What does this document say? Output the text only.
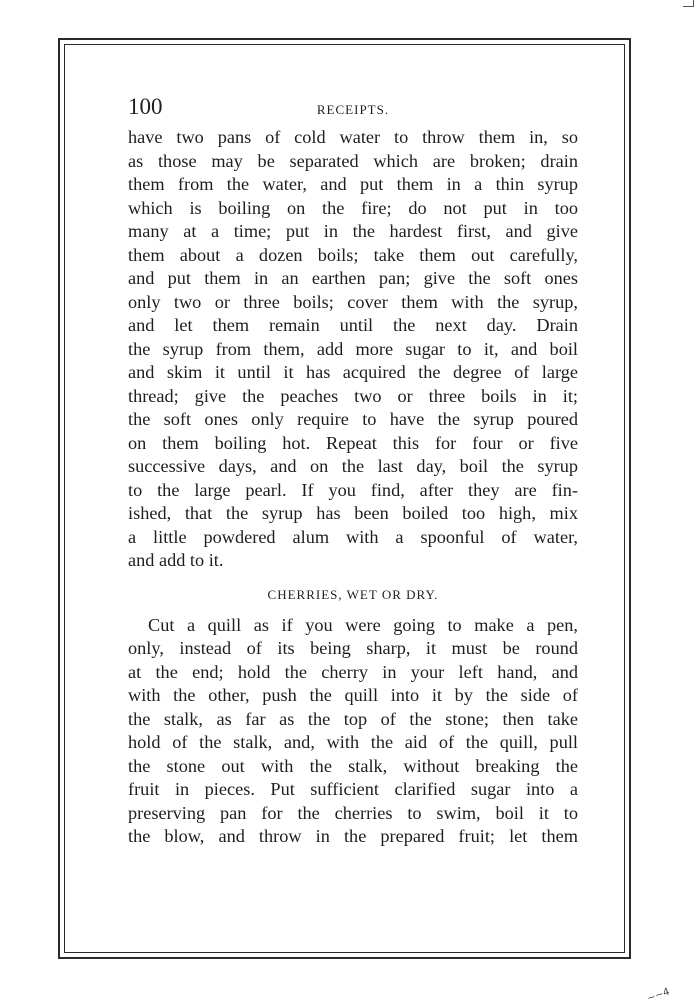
100	RECEIPTS.
have two pans of cold water to throw them in, so
as those may be separated which are broken; drain
them from the water, and put them in a thin syrup
which is boiling on the fire; do not put in too
many at a time; put in the hardest first, and give
them about a dozen boils; take them out carefully,
and put them in an earthen pan; give the soft ones
only two or three boils; cover them with the syrup,
and let them remain until the next day. Drain
the syrup from them, add more sugar to it, and boil
and skim it until it has acquired the degree of large
thread; give the peaches two or three boils in it;
the soft ones only require to have the syrup poured
on them boiling hot. Repeat this for four or five
successive days, and on the last day, boil the syrup
to the large pearl. If you find, after they are fin-
ished, that the syrup has been boiled too high, mix
a little powdered alum with a spoonful of water,
and add to it.
CHERRIES, WET OR DRY.
Cut a quill as if you were going to make a pen,
only, instead of its being sharp, it must be round
at the end; hold the cherry in your left hand, and
with the other, push the quill into it by the side of
the stalk, as far as the top of the stone; then take
hold of the stalk, and, with the aid of the quill, pull
the stone out with the stalk, without breaking the
fruit in pieces. Put sufficient clarified sugar into a
preserving pan for the cherries to swim, boil it to
the blow, and throw in the prepared fruit; let them
~~4
